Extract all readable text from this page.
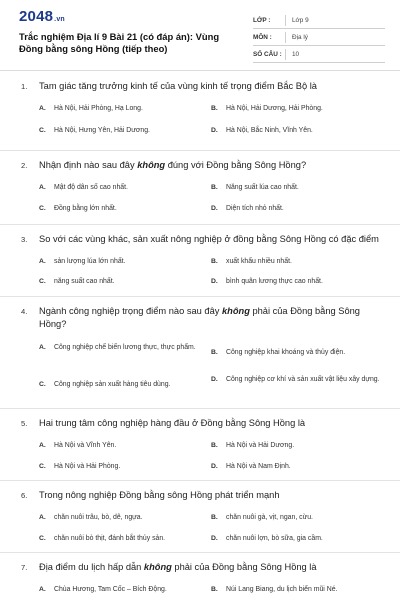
2048.vn
Trắc nghiệm Địa lí 9 Bài 21 (có đáp án): Vùng Đồng bằng sông Hồng (tiếp theo)
LỚP :	Lớp 9
MÔN :	Địa lý
SỐ CÂU :	10
1. Tam giác tăng trưởng kinh tế của vùng kinh tế trọng điểm Bắc Bộ là
A.	Hà Nội, Hải Phòng, Hạ Long.	B.	Hà Nội, Hải Dương, Hải Phòng.
C.	Hà Nội, Hưng Yên, Hải Dương.	D.	Hà Nội, Bắc Ninh, Vĩnh Yên.
2. Nhận định nào sau đây không đúng với Đồng bằng Sông Hồng?
A.	Mật độ dân số cao nhất.	B.	Năng suất lúa cao nhất.
C.	Đồng bằng lớn nhất.	D.	Diện tích nhỏ nhất.
3. So với các vùng khác, sản xuất nông nghiệp ở đồng bằng Sông Hồng có đặc điểm
A.	sản lượng lúa lớn nhất.	B.	xuất khẩu nhiều nhất.
C.	năng suất cao nhất.	D.	bình quân lương thực cao nhất.
4. Ngành công nghiệp trọng điểm nào sau đây không phải của Đồng bằng Sông Hồng?
A.	Công nghiệp chế biến lương thực, thực phẩm.
B.	Công nghiệp khai khoáng và thủy điện.
C.	Công nghiệp sản xuất hàng tiêu dùng.
D.	Công nghiệp cơ khí và sản xuất vật liệu xây dựng.
5. Hai trung tâm công nghiệp hàng đầu ở Đồng bằng Sông Hồng là
A.	Hà Nội và Vĩnh Yên.	B.	Hà Nội và Hải Dương.
C.	Hà Nội và Hải Phòng.	D.	Hà Nội và Nam Định.
6. Trong nông nghiệp Đồng bằng sông Hồng phát triển mạnh
A.	chăn nuôi trâu, bò, dê, ngựa.	B.	chăn nuôi gà, vịt, ngan, cừu.
C.	chăn nuôi bò thịt, đánh bắt thủy sản.	D.	chăn nuôi lợn, bò sữa, gia cầm.
7. Địa điểm du lịch hấp dẫn không phải của Đồng bằng Sông Hồng là
A.	Chùa Hương, Tam Cốc – Bích Động.	B.	Núi Lang Biang, du lịch biển mũi Né.
